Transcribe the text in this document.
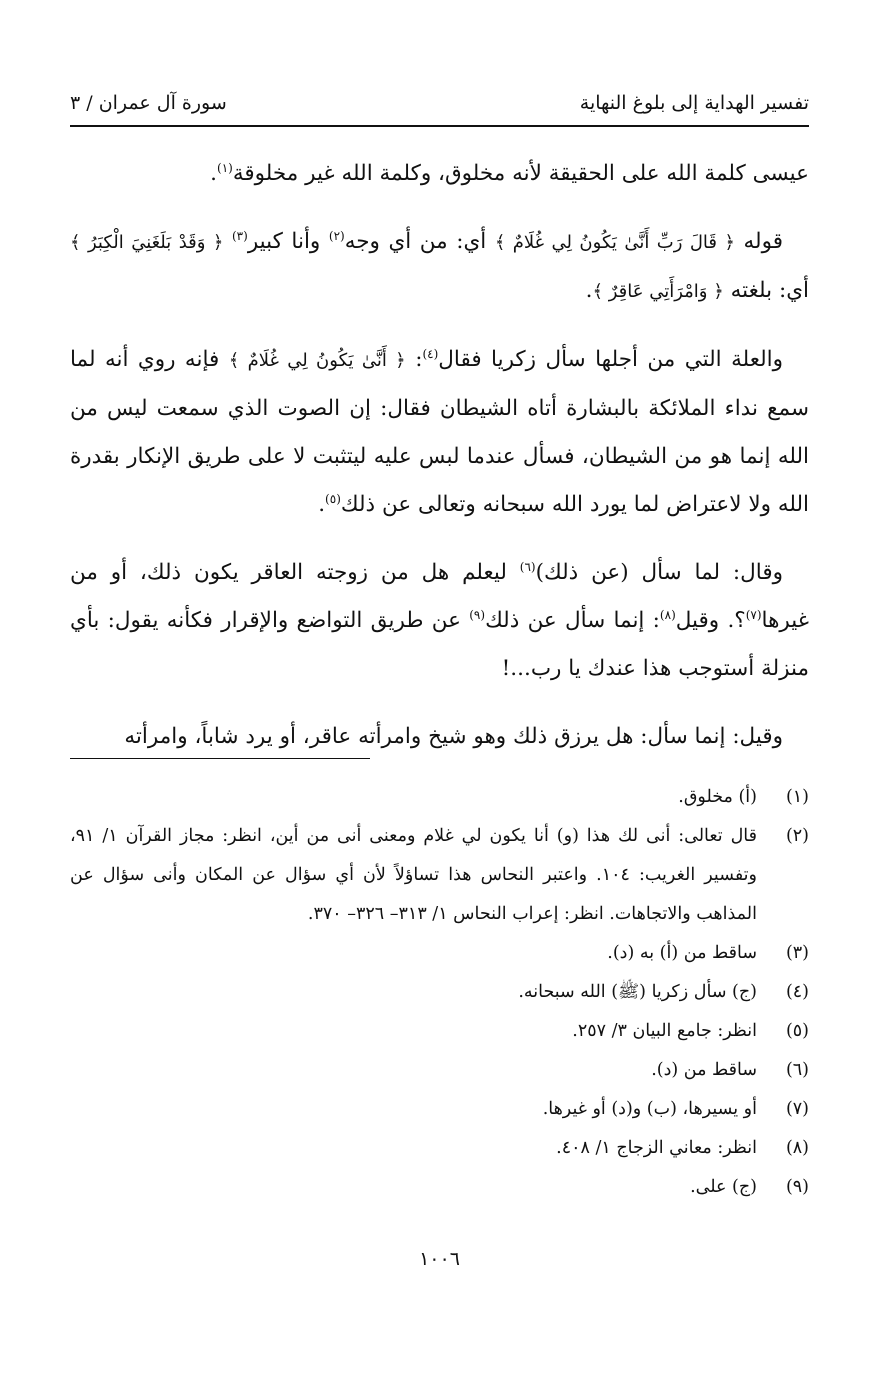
تفسير الهداية إلى بلوغ النهاية
سورة آل عمران / ٣

عيسى كلمة الله على الحقيقة لأنه مخلوق، وكلمة الله غير مخلوقة$^{(١)}$.

قوله ﴿ قَالَ رَبِّ أَنَّىٰ يَكُونُ لِي غُلَامٌ ﴾ أي: من أي وجه$^{(٢)}$ وأنا كبير$^{(٣)}$ ﴿ وَقَدْ بَلَغَنِيَ الْكِبَرُ ﴾ أي: بلغته ﴿ وَامْرَأَتِي عَاقِرٌ ﴾.

والعلة التي من أجلها سأل زكريا فقال$^{(٤)}$: ﴿ أَنَّىٰ يَكُونُ لِي غُلَامٌ ﴾ فإنه روي أنه لما سمع نداء الملائكة بالبشارة أتاه الشيطان فقال: إن الصوت الذي سمعت ليس من الله إنما هو من الشيطان، فسأل عندما لبس عليه ليتثبت لا على طريق الإنكار بقدرة الله ولا لاعتراض لما يورد الله سبحانه وتعالى عن ذلك$^{(٥)}$.

وقال: لما سأل (عن ذلك)$^{(٦)}$ ليعلم هل من زوجته العاقر يكون ذلك، أو من غيرها$^{(٧)}$؟. وقيل$^{(٨)}$: إنما سأل عن ذلك$^{(٩)}$ عن طريق التواضع والإقرار فكأنه يقول: بأي منزلة أستوجب هذا عندك يا رب...!

وقيل: إنما سأل: هل يرزق ذلك وهو شيخ وامرأته عاقر، أو يرد شاباً، وامرأته

(١)
(أ) مخلوق.
(٢)
قال تعالى: أنى لك هذا (و) أنا يكون لي غلام ومعنى أنى من أين، انظر: مجاز القرآن ١/ ٩١، وتفسير الغريب: ١٠٤. واعتبر النحاس هذا تساؤلاً لأن أي سؤال عن المكان وأنى سؤال عن المذاهب والاتجاهات. انظر: إعراب النحاس ١/ ٣١٣– ٣٢٦– ٣٧٠.
(٣)
ساقط من (أ) به (د).
(٤)
(ج) سأل زكريا (ﷺ) الله سبحانه.
(٥)
انظر: جامع البيان ٣/ ٢٥٧.
(٦)
ساقط من (د).
(٧)
أو يسيرها، (ب) و(د) أو غيرها.
(٨)
انظر: معاني الزجاج ١/ ٤٠٨.
(٩)
(ج) على.
١٠٠٦
